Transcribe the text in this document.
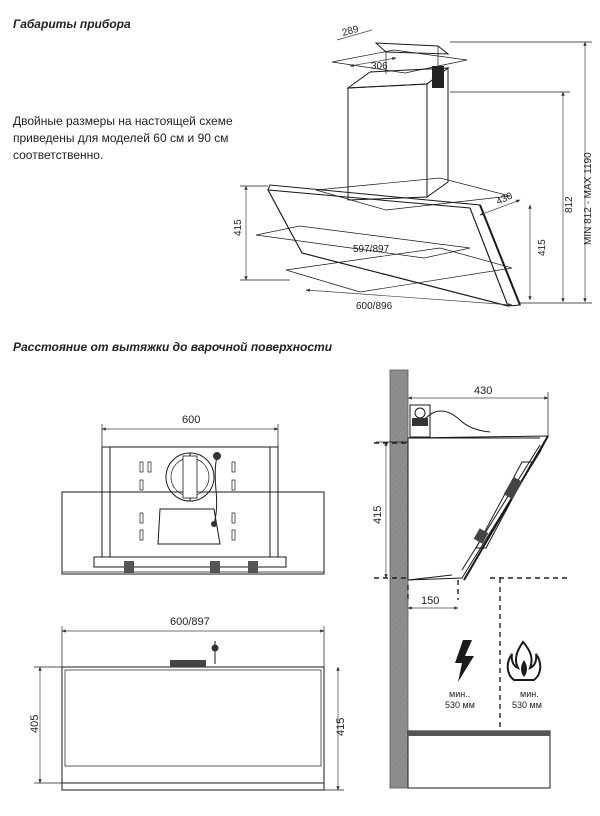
Габариты прибора
Двойные размеры на настоящей схеме приведены для моделей 60 см и 90 см соответственно.
Расстояние от вытяжки до варочной поверхности
289
306
430
415
415
812 MIN 812 - MAX 1190
597/897
600/896
600
600/897
405	415
430
415
150
мин..
530 мм
мин.
530 мм
